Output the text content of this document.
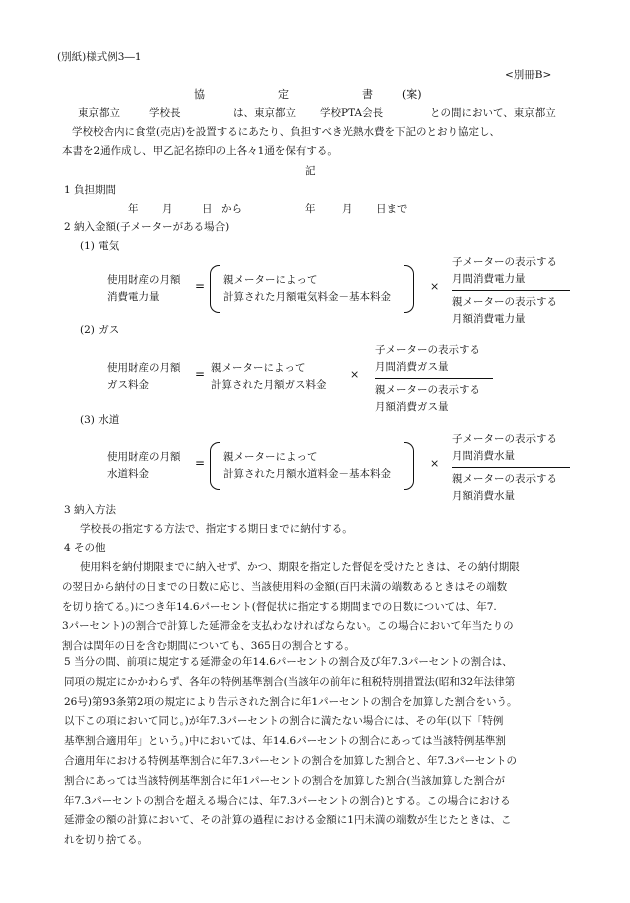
(別紙)様式例3―1
<別冊B>
協	定	書	(案)
東京都立	学校長	は、東京都立 学校PTA会長	との間において、東京都立
学校校舎内に食堂(売店)を設置するにあたり、負担すべき光熱水費を下記のとおり協定し、
本書を2通作成し、甲乙記名捺印の上各々1通を保有する。
記
1 負担期間
年 月	日 から	年	月 日まで
2 納入金額(子メーターがある場合)
(1) 電気
使用財産の月額
消費電力量
= 親メーターによって
計算された月額電気料金－基本料金
×
子メーターの表示する
月間消費電力量
親メーターの表示する
月額消費電力量
(2) ガス
使用財産の月額
ガス料金
= 親メーターによって
計算された月額ガス料金
×
子メーターの表示する
月間消費ガス量
親メーターの表示する
月額消費ガス量
(3) 水道
使用財産の月額
水道料金
= 親メーターによって
計算された月額水道料金－基本料金
×
子メーターの表示する
月間消費水量
親メーターの表示する
月額消費水量
3 納入方法
学校長の指定する方法で、指定する期日までに納付する。
4 その他
使用料を納付期限までに納入せず、かつ、期限を指定した督促を受けたときは、その納付期限
の翌日から納付の日までの日数に応じ、当該使用料の金額(百円未満の端数あるときはその端数
を切り捨てる。)につき年14.6パーセント(督促状に指定する期間までの日数については、年7.
3パーセント)の割合で計算した延滞金を支払わなければならない。この場合において年当たりの
割合は閏年の日を含む期間についても、365日の割合とする。
5 当分の間、前項に規定する延滞金の年14.6パーセントの割合及び年7.3パーセントの割合は、
同項の規定にかかわらず、各年の特例基準割合(当該年の前年に租税特別措置法(昭和32年法律第
26号)第93条第2項の規定により告示された割合に年1パーセントの割合を加算した割合をいう。
以下この項において同じ。)が年7.3パーセントの割合に満たない場合には、その年(以下「特例
基準割合適用年」という。)中においては、年14.6パーセントの割合にあっては当該特例基準割
合適用年における特例基準割合に年7.3パーセントの割合を加算した割合と、年7.3パーセントの
割合にあっては当該特例基準割合に年1パーセントの割合を加算した割合(当該加算した割合が
年7.3パーセントの割合を超える場合には、年7.3パーセントの割合)とする。この場合における
延滞金の額の計算において、その計算の過程における金額に1円未満の端数が生じたときは、こ
れを切り捨てる。
